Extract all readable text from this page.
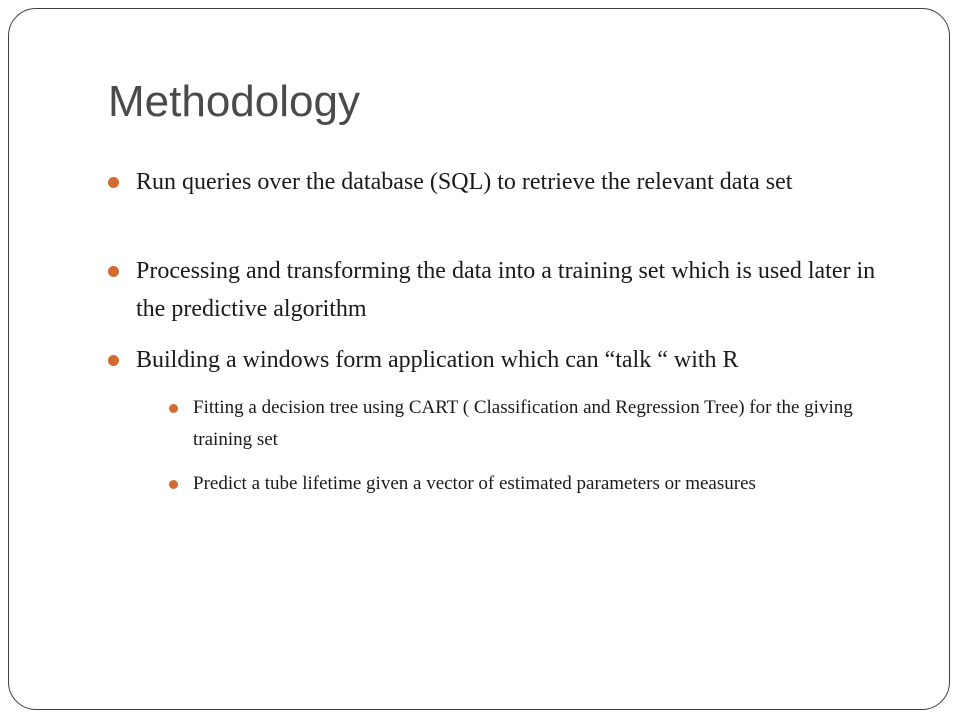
Methodology
Run queries over the database (SQL) to retrieve the relevant data set
Processing and transforming the data into a training set which is used later in the predictive algorithm
Building a windows form application which can “talk “ with R
Fitting a decision tree using CART ( Classification and Regression Tree) for the giving training set
Predict a tube lifetime given a vector of estimated parameters or measures
